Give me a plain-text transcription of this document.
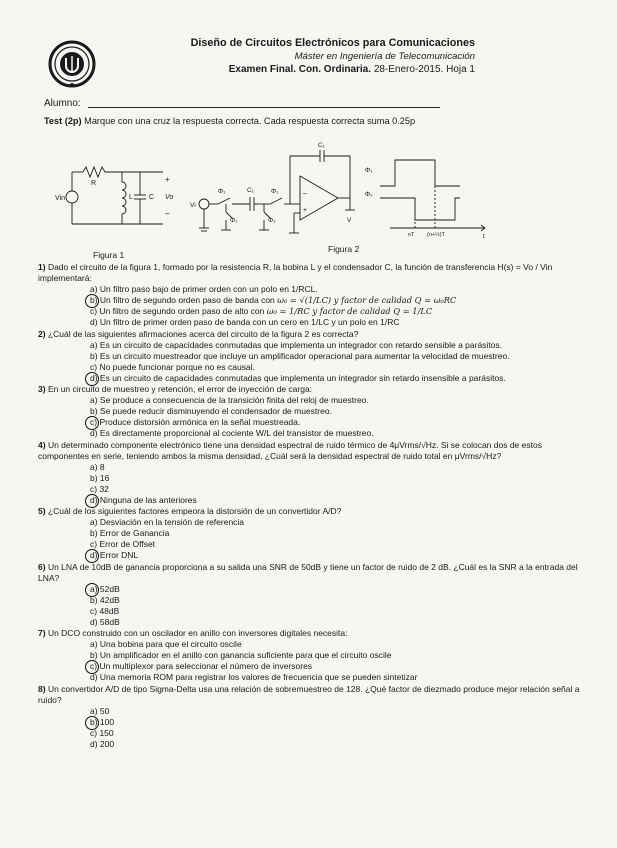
Diseño de Circuitos Electrónicos para Comunicaciones
Máster en Ingeniería de Telecomunicación
Examen Final. Con. Ordinaria. 28-Enero-2015. Hoja 1
Alumno:
Test (2p) Marque con una cruz la respuesta correcta. Cada respuesta correcta suma 0.25p
Vin
R
L C
+
Vo
–
Vi
C₁
C₁
Φ₁	Φ₁
Φ₂	Φ₂
–
+
V
Φ₁
Φ₂
nT (n+½)T	t
Figura 1
Figura 2

1) Dado el circuito de la figura 1, formado por la resistencia R, la bobina L y el condensador C, la función de transferencia H(s) = Vo / Vin implementará:

a) Un filtro paso bajo de primer orden con un polo en 1/RCL.
b) Un filtro de segundo orden paso de banda con ω₀ = √(1/LC) y factor de calidad Q = ω₀RC
c) Un filtro de segundo orden paso de alto con ω₀ = 1/RC y factor de calidad Q = 1/LC
d) Un filtro de primer orden paso de banda con un cero en 1/LC y un polo en 1/RC

2) ¿Cuál de las siguientes afirmaciones acerca del circuito de la figura 2 es correcta?

a) Es un circuito de capacidades conmutadas que implementa un integrador con retardo sensible a parásitos.
b) Es un circuito muestreador que incluye un amplificador operacional para aumentar la velocidad de muestreo.
c) No puede funcionar porque no es causal.
d) Es un circuito de capacidades conmutadas que implementa un integrador sin retardo insensible a parásitos.

3) En un circuito de muestreo y retención, el error de inyección de carga:

a) Se produce a consecuencia de la transición finita del reloj de muestreo.
b) Se puede reducir disminuyendo el condensador de muestreo.
c) Produce distorsión armónica en la señal muestreada.
d) Es directamente proporcional al cociente W/L del transistor de muestreo.

4) Un determinado componente electrónico tiene una densidad espectral de ruido térmico de 4μVrms/√Hz. Si se colocan dos de estos componentes en serie, teniendo ambos la misma densidad, ¿Cuál será la densidad espectral de ruido total en μVrms/√Hz?

a) 8
b) 16
c) 32
d) Ninguna de las anteriores

5) ¿Cuál de los siguientes factores empeora la distorsión de un convertidor A/D?

a) Desviación en la tensión de referencia
b) Error de Ganancia
c) Error de Offset
d) Error DNL

6) Un LNA de 10dB de ganancia proporciona a su salida una SNR de 50dB y tiene un factor de ruido de 2 dB. ¿Cuál es la SNR a la entrada del LNA?

a) 52dB
b) 42dB
c) 48dB
d) 58dB

7) Un DCO construido con un oscilador en anillo con inversores digitales necesita:

a) Una bobina para que el circuito oscile
b) Un amplificador en el anillo con ganancia suficiente para que el circuito oscile
c) Un multiplexor para seleccionar el número de inversores
d) Una memoria ROM para registrar los valores de frecuencia que se pueden sintetizar

8) Un convertidor A/D de tipo Sigma-Delta usa una relación de sobremuestreo de 128. ¿Qué factor de diezmado produce mejor relación señal a ruido?

a) 50
b) 100
c) 150
d) 200
